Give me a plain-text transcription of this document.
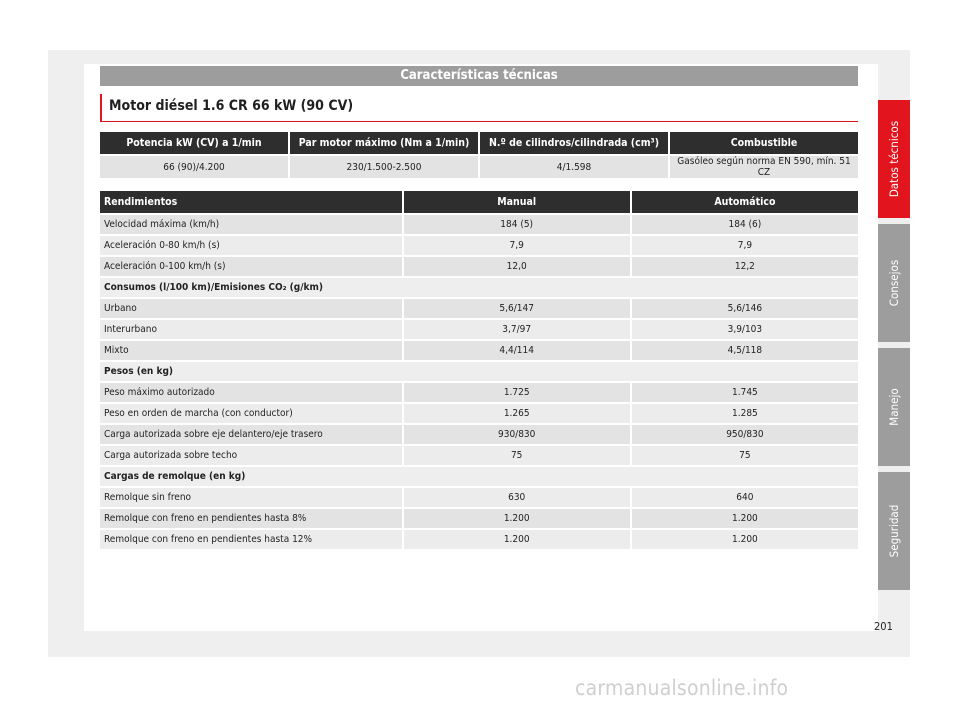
Características técnicas
Motor diésel 1.6 CR 66 kW (90 CV)
Potencia kW (CV) a 1/min	Par motor máximo (Nm a 1/min)	N.º de cilindros/cilindrada (cm³)	Combustible
66 (90)/4.200	230/1.500-2.500	4/1.598	Gasóleo según norma EN 590, mín. 51 CZ
Rendimientos	Manual	Automático
Velocidad máxima (km/h)	184 (5)	184 (6)
Aceleración 0-80 km/h (s)	7,9	7,9
Aceleración 0-100 km/h (s)	12,0	12,2
Consumos (l/100 km)/Emisiones CO₂ (g/km)		
Urbano	5,6/147	5,6/146
Interurbano	3,7/97	3,9/103
Mixto	4,4/114	4,5/118
Pesos (en kg)		
Peso máximo autorizado	1.725	1.745
Peso en orden de marcha (con conductor)	1.265	1.285
Carga autorizada sobre eje delantero/eje trasero	930/830	950/830
Carga autorizada sobre techo	75	75
Cargas de remolque (en kg)		
Remolque sin freno	630	640
Remolque con freno en pendientes hasta 8%	1.200	1.200
Remolque con freno en pendientes hasta 12%	1.200	1.200
Datos técnicos
Consejos
Manejo
Seguridad
201
carmanualsonline.info
